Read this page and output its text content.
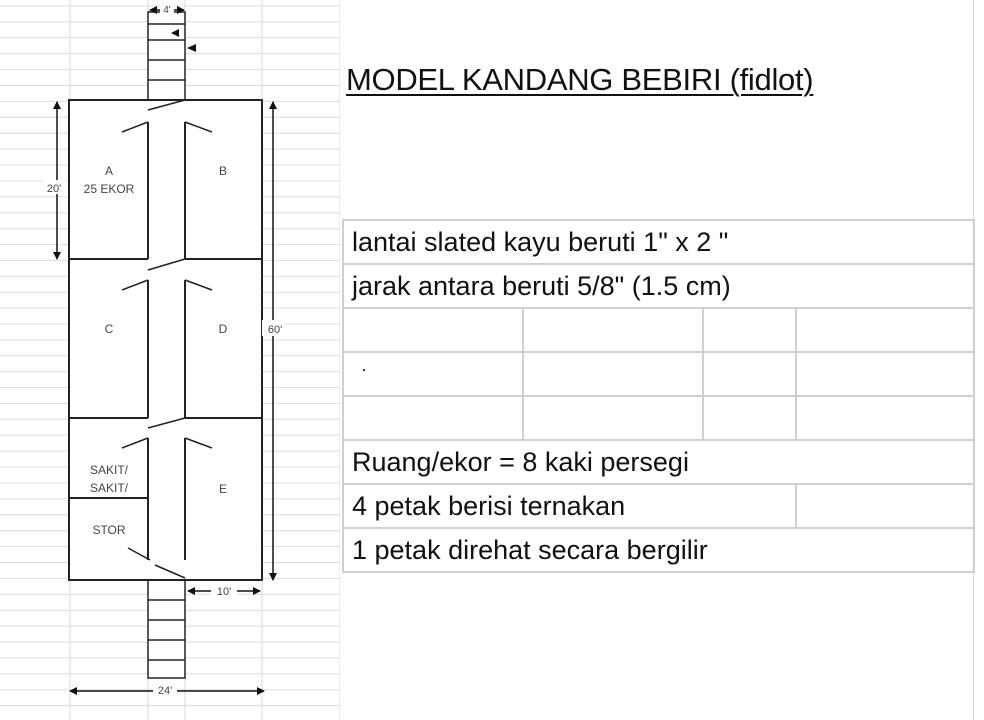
4'
A
25 EKOR
B
C	D
SAKIT/
SAKIT/
STOR
E
20'
60'
10'
24'
MODEL KANDANG BEBIRI (fidlot)
lantai slated kayu beruti 1" x 2 "			
jarak antara beruti 5/8" (1.5 cm)			

Ruang/ekor = 8 kaki persegi			
4 petak berisi ternakan			
1 petak direhat secara bergilir			
